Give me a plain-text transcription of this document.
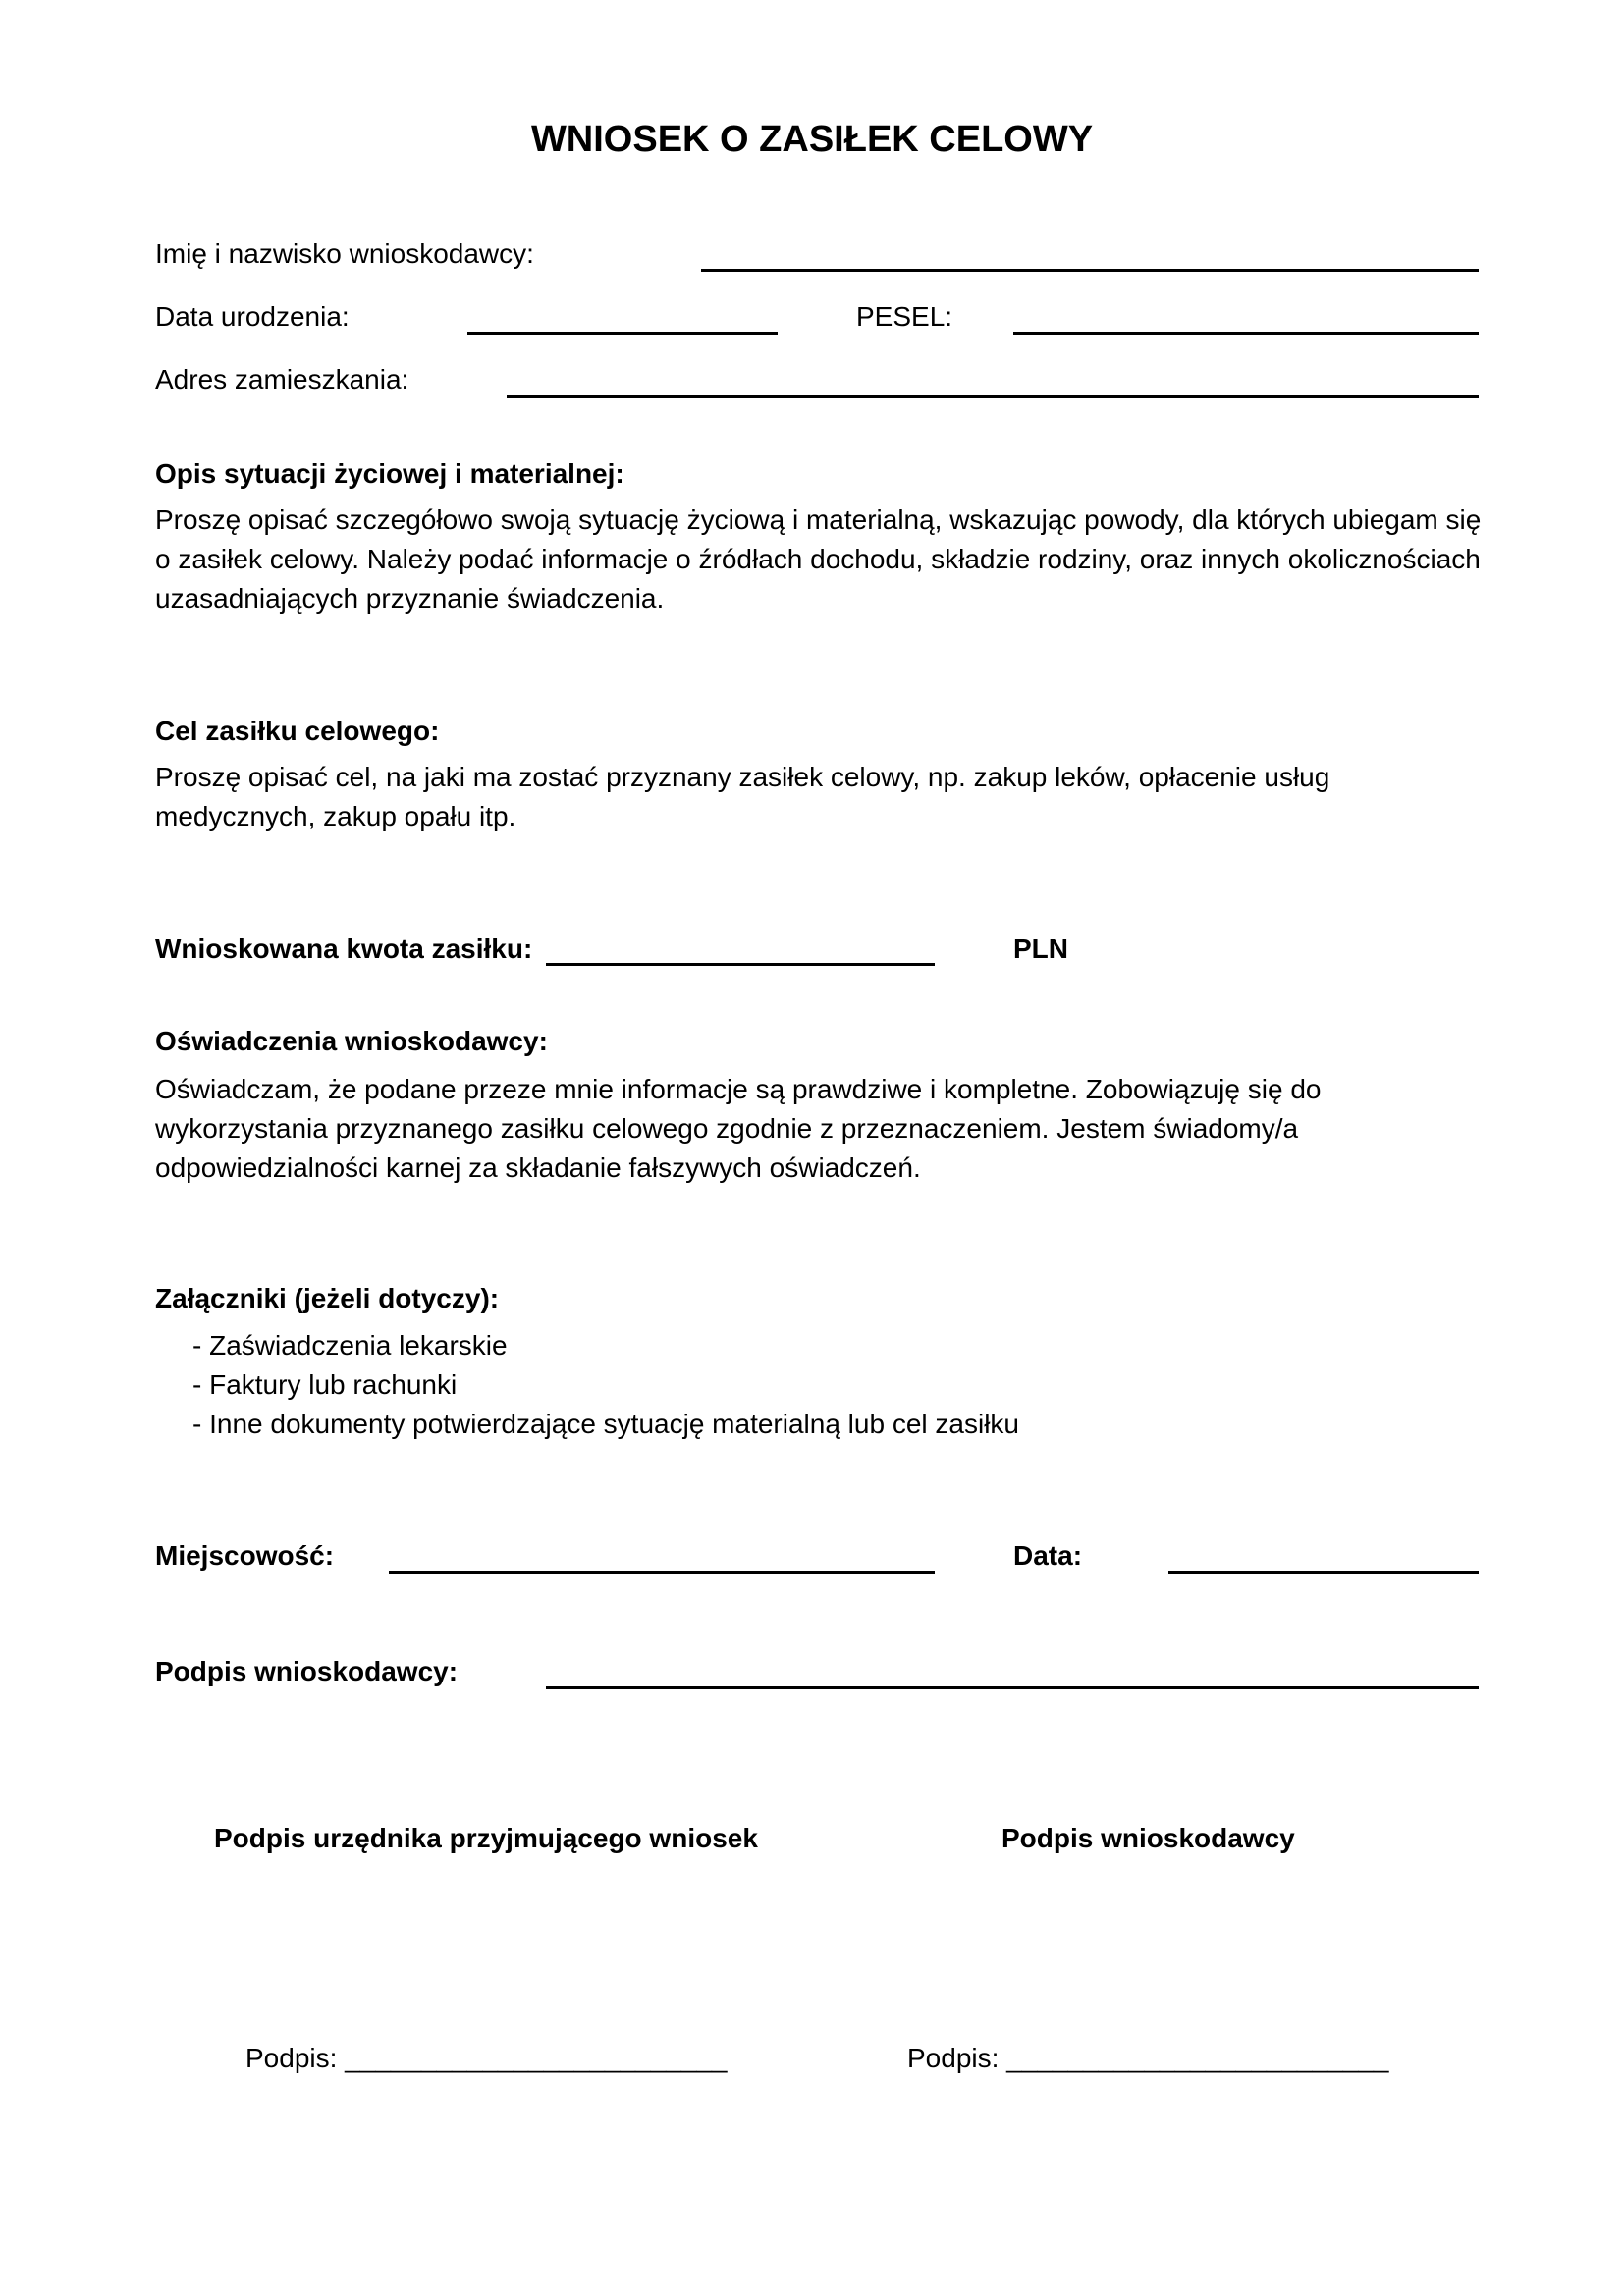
WNIOSEK O ZASIŁEK CELOWY
Imię i nazwisko wnioskodawcy:
Data urodzenia:	PESEL:
Adres zamieszkania:
Opis sytuacji życiowej i materialnej:
Proszę opisać szczegółowo swoją sytuację życiową i materialną, wskazując powody, dla których ubiegam się o zasiłek celowy. Należy podać informacje o źródłach dochodu, składzie rodziny, oraz innych okolicznościach uzasadniających przyznanie świadczenia.
Cel zasiłku celowego:
Proszę opisać cel, na jaki ma zostać przyznany zasiłek celowy, np. zakup leków, opłacenie usług medycznych, zakup opału itp.
Wnioskowana kwota zasiłku:	PLN
Oświadczenia wnioskodawcy:
Oświadczam, że podane przeze mnie informacje są prawdziwe i kompletne. Zobowiązuję się do wykorzystania przyznanego zasiłku celowego zgodnie z przeznaczeniem. Jestem świadomy/a odpowiedzialności karnej za składanie fałszywych oświadczeń.
Załączniki (jeżeli dotyczy):
- Zaświadczenia lekarskie
- Faktury lub rachunki
- Inne dokumenty potwierdzające sytuację materialną lub cel zasiłku
Miejscowość:	Data:
Podpis wnioskodawcy:
Podpis urzędnika przyjmującego wniosek	Podpis wnioskodawcy
Podpis: _________________________	Podpis: _________________________
